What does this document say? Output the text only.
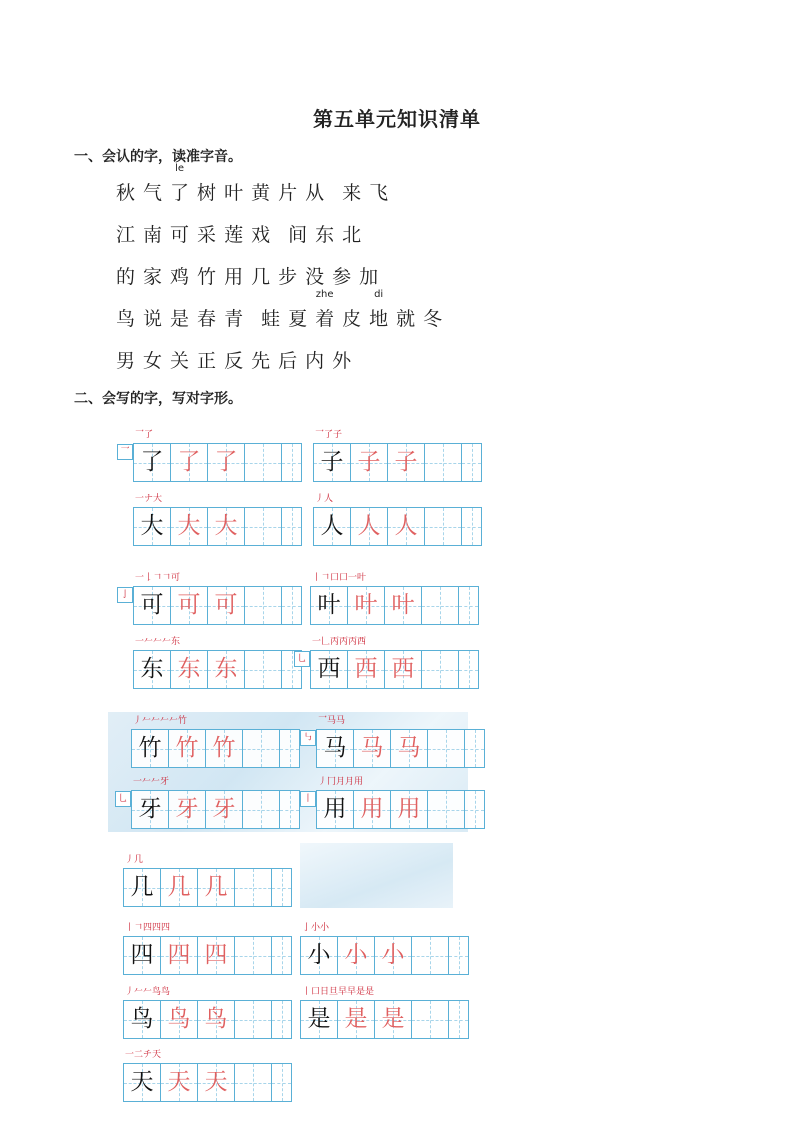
第五单元知识清单
一、会认的字，读准字音。
秋 气 了
le
树 叶 黄 片 从 来 飞
江 南 可 采 莲 戏 间 东 北
的 家 鸡 竹 用 几 步 没 参 加
鸟 说 是 春 青 蛙 夏 着
zhe
皮 地
di
就 冬
男 女 关 正 反 先 后 内 外
二、会写的字，写对字形。
乛了
乛 了 了 了
乛了子
子 子 子
一ナ大
大 大 大
丿人
人 人 人
一𠄌𠃍𠃍可
亅 可 可 可
丨𠃍口口一叶
叶 叶 叶
一𠂉𠂉𠂉东
东 东 东
一𠃊丙丙丙西
乚 西 西 西
丿𠂉𠂉𠂉𠂉竹
竹 竹 竹
乛马马
㇉ 马 马 马
一𠂉𠂉牙
乚 牙 牙 牙
丿冂月月用
丨 用 用 用
丿几
几 几 几
丨𠃍四四四
四 四 四
亅小小
小 小 小
丿𠂉𠂉鸟鸟
鸟 鸟 鸟
丨口日旦早早是是
是 是 是
一二チ天
天 天 天
